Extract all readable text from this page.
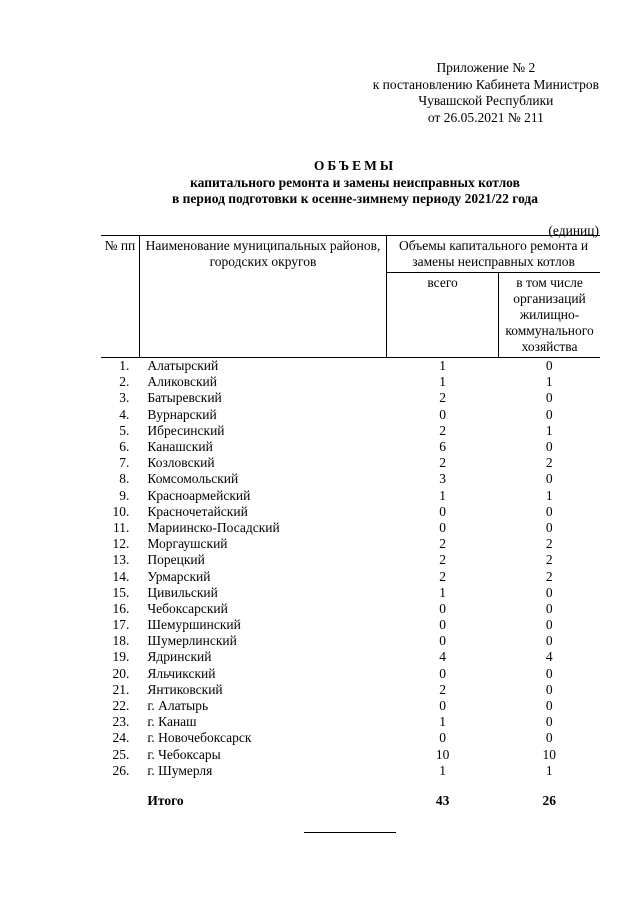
Приложение № 2
к постановлению Кабинета Министров
Чувашской Республики
от 26.05.2021 № 211
ОБЪЕМЫ
капитального ремонта и замены неисправных котлов
в период подготовки к осенне-зимнему периоду 2021/22 года
(единиц)
№ пп	Наименование муниципальных районов, городских округов	Объемы капитального ремонта и замены неисправных котлов	
		всего	в том числе организаций жилищно-коммунального хозяйства
1.	Алатырский	1	0
2.	Аликовский	1	1
3.	Батыревский	2	0
4.	Вурнарский	0	0
5.	Ибресинский	2	1
6.	Канашский	6	0
7.	Козловский	2	2
8.	Комсомольский	3	0
9.	Красноармейский	1	1
10.	Красночетайский	0	0
11.	Мариинско-Посадский	0	0
12.	Моргаушский	2	2
13.	Порецкий	2	2
14.	Урмарский	2	2
15.	Цивильский	1	0
16.	Чебоксарский	0	0
17.	Шемуршинский	0	0
18.	Шумерлинский	0	0
19.	Ядринский	4	4
20.	Яльчикский	0	0
21.	Янтиковский	2	0
22.	г. Алатырь	0	0
23.	г. Канаш	1	0
24.	г. Новочебоксарск	0	0
25.	г. Чебоксары	10	10
26.	г. Шумерля	1	1

	Итого	43	26
